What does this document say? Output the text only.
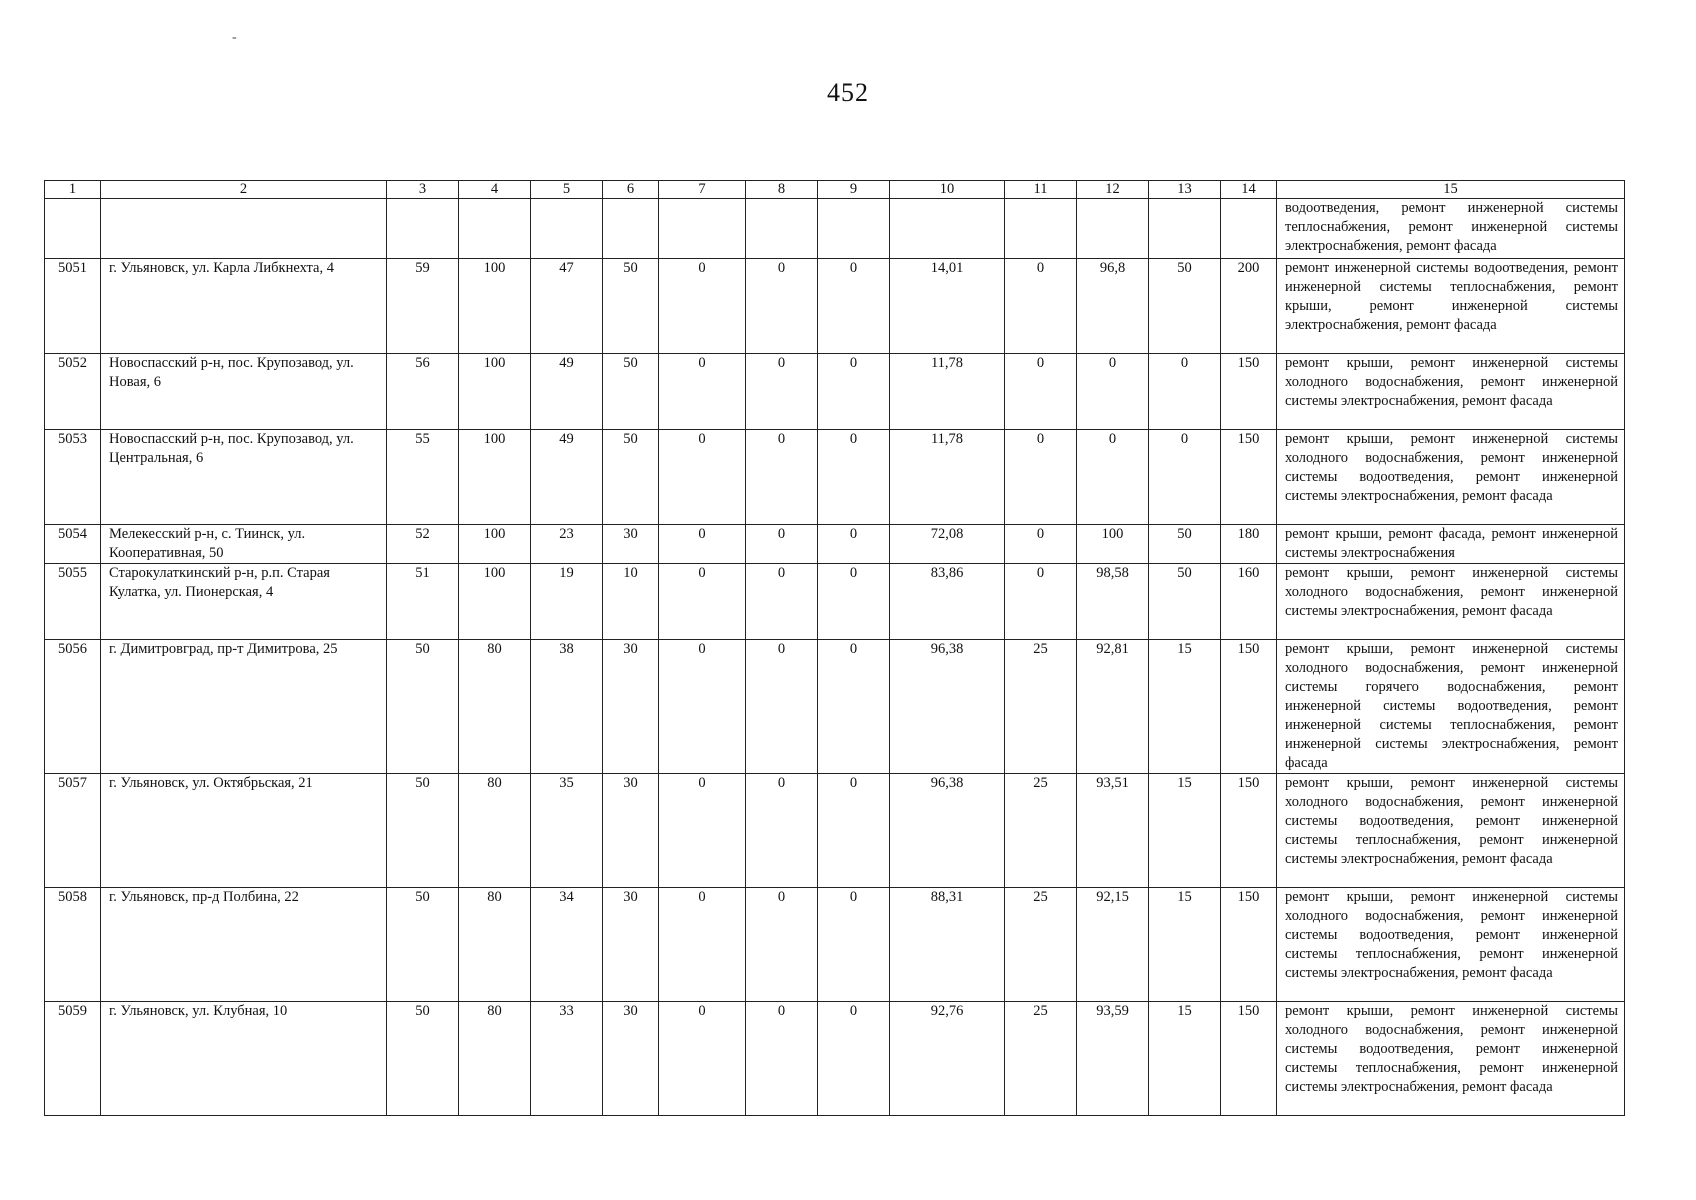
-
452
1	2	3	4	5	6	7	8	9	10	11	12	13	14	15
														водоотведения, ремонт инженерной системы теплоснабжения, ремонт инженерной системы электроснабжения, ремонт фасада
5051	г. Ульяновск, ул. Карла Либкнехта, 4	59	100	47	50	0	0	0	14,01	0	96,8	50	200	ремонт инженерной системы водоотведения, ремонт инженерной системы теплоснабжения, ремонт крыши, ремонт инженерной системы электроснабжения, ремонт фасада
5052	Новоспасский р-н, пос. Крупозавод, ул. Новая, 6	56	100	49	50	0	0	0	11,78	0	0	0	150	ремонт крыши, ремонт инженерной системы холодного водоснабжения, ремонт инженерной системы электроснабжения, ремонт фасада
5053	Новоспасский р-н, пос. Крупозавод, ул. Центральная, 6	55	100	49	50	0	0	0	11,78	0	0	0	150	ремонт крыши, ремонт инженерной системы холодного водоснабжения, ремонт инженерной системы водоотведения, ремонт инженерной системы электроснабжения, ремонт фасада
5054	Мелекесский р-н, с. Тиинск, ул. Кооперативная, 50	52	100	23	30	0	0	0	72,08	0	100	50	180	ремонт крыши, ремонт фасада, ремонт инженерной системы электроснабжения
5055	Старокулаткинский р-н, р.п. Старая Кулатка, ул. Пионерская, 4	51	100	19	10	0	0	0	83,86	0	98,58	50	160	ремонт крыши, ремонт инженерной системы холодного водоснабжения, ремонт инженерной системы электроснабжения, ремонт фасада
5056	г. Димитровград, пр-т Димитрова, 25	50	80	38	30	0	0	0	96,38	25	92,81	15	150	ремонт крыши, ремонт инженерной системы холодного водоснабжения, ремонт инженерной системы горячего водоснабжения, ремонт инженерной системы водоотведения, ремонт инженерной системы теплоснабжения, ремонт инженерной системы электроснабжения, ремонт фасада
5057	г. Ульяновск, ул. Октябрьская, 21	50	80	35	30	0	0	0	96,38	25	93,51	15	150	ремонт крыши, ремонт инженерной системы холодного водоснабжения, ремонт инженерной системы водоотведения, ремонт инженерной системы теплоснабжения, ремонт инженерной системы электроснабжения, ремонт фасада
5058	г. Ульяновск, пр-д Полбина, 22	50	80	34	30	0	0	0	88,31	25	92,15	15	150	ремонт крыши, ремонт инженерной системы холодного водоснабжения, ремонт инженерной системы водоотведения, ремонт инженерной системы теплоснабжения, ремонт инженерной системы электроснабжения, ремонт фасада
5059	г. Ульяновск, ул. Клубная, 10	50	80	33	30	0	0	0	92,76	25	93,59	15	150	ремонт крыши, ремонт инженерной системы холодного водоснабжения, ремонт инженерной системы водоотведения, ремонт инженерной системы теплоснабжения, ремонт инженерной системы электроснабжения, ремонт фасада
